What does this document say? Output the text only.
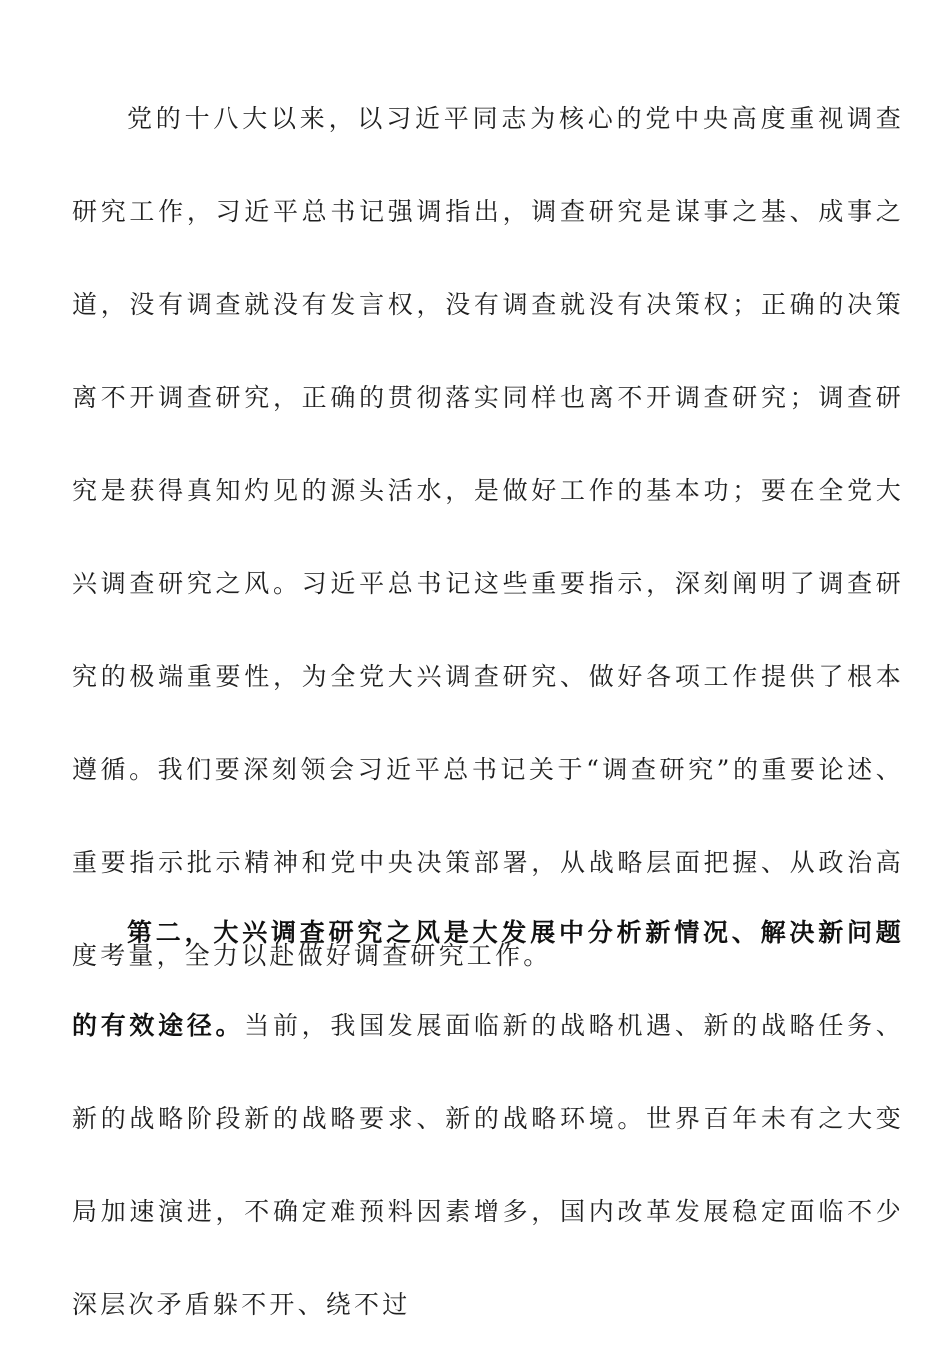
党的十八大以来，以习近平同志为核心的党中央高度重视调查研究工作，习近平总书记强调指出，调查研究是谋事之基、成事之道，没有调查就没有发言权，没有调查就没有决策权；正确的决策离不开调查研究，正确的贯彻落实同样也离不开调查研究；调查研究是获得真知灼见的源头活水，是做好工作的基本功；要在全党大兴调查研究之风。习近平总书记这些重要指示，深刻阐明了调查研究的极端重要性，为全党大兴调查研究、做好各项工作提供了根本遵循。我们要深刻领会习近平总书记关于“调查研究”的重要论述、重要指示批示精神和党中央决策部署，从战略层面把握、从政治高度考量，全力以赴做好调查研究工作。

第二，大兴调查研究之风是大发展中分析新情况、解决新问题的有效途径。当前，我国发展面临新的战略机遇、新的战略任务、新的战略阶段新的战略要求、新的战略环境。世界百年未有之大变局加速演进，不确定难预料因素增多，国内改革发展稳定面临不少深层次矛盾躲不开、绕不过
